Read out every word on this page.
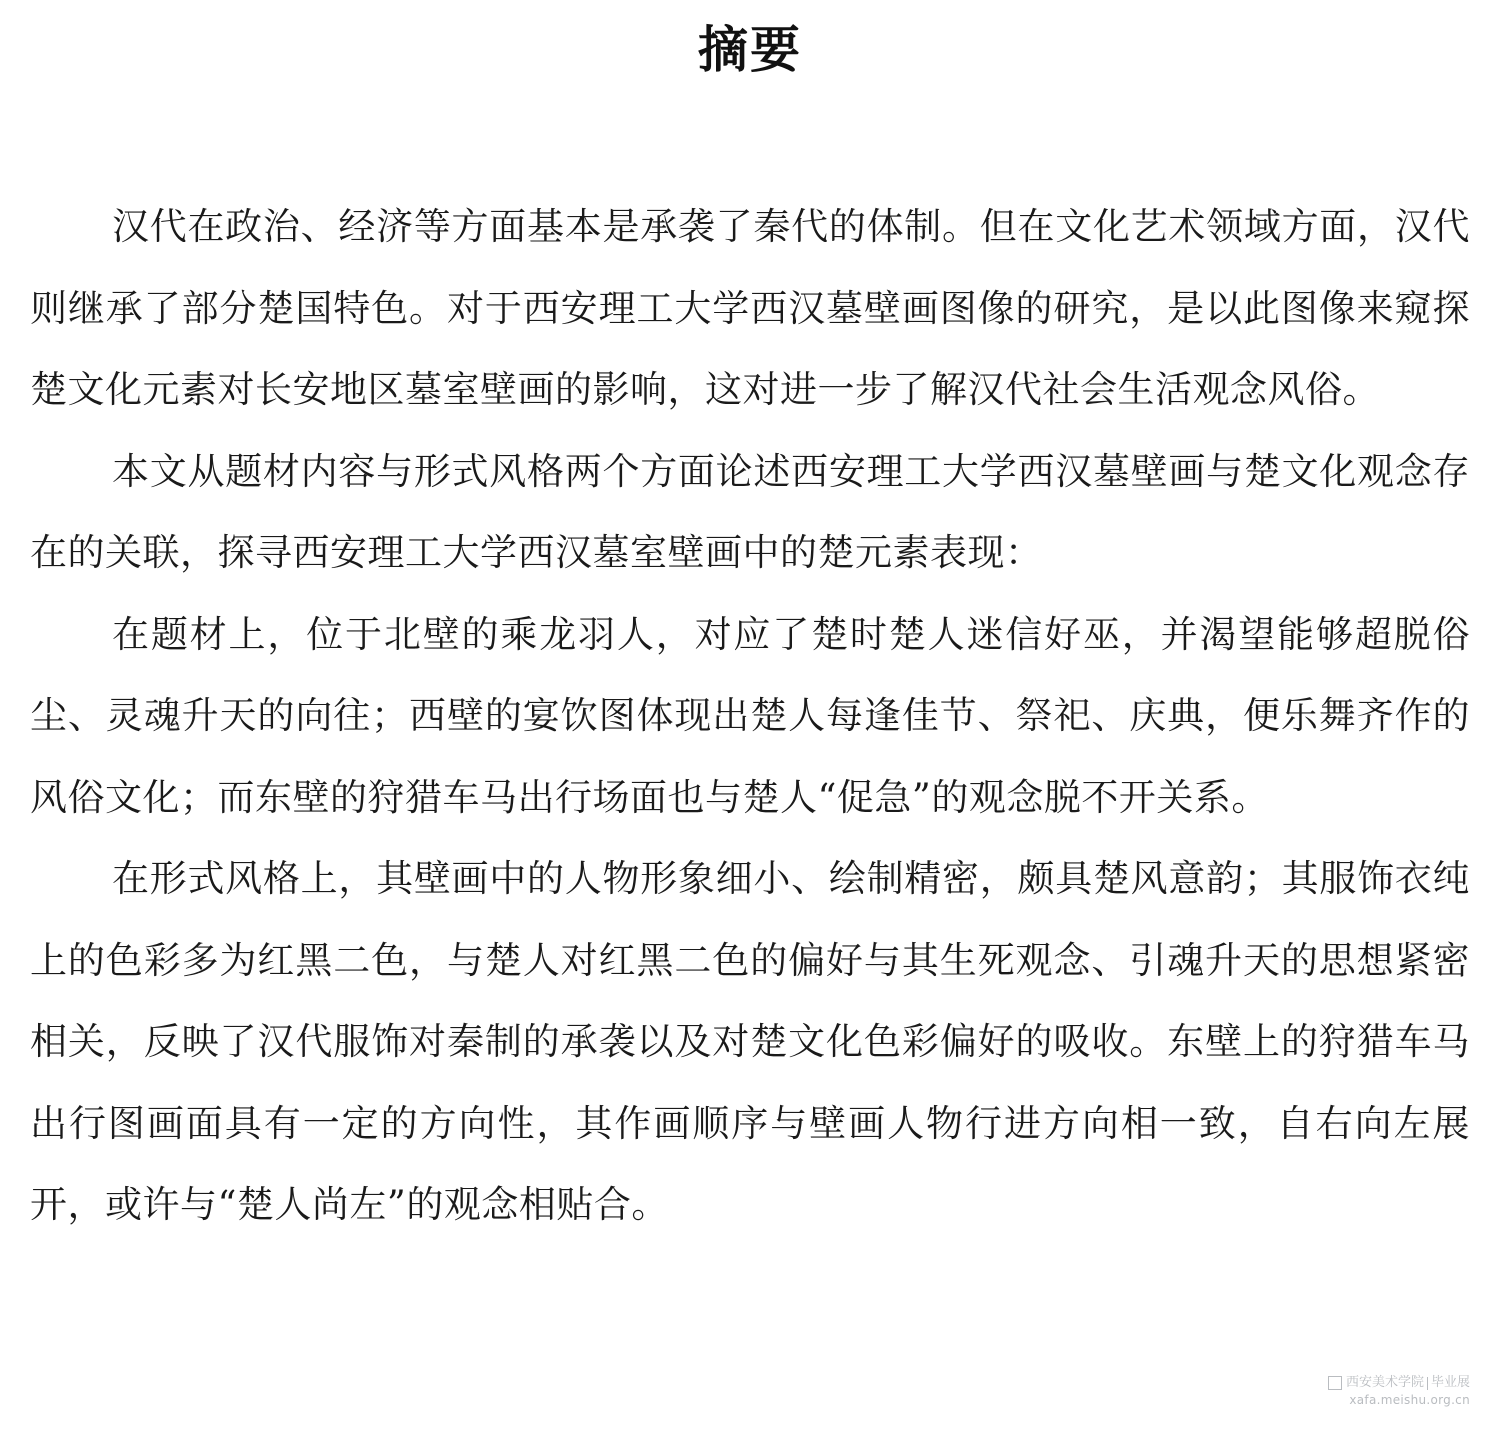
摘要

汉代在政治、经济等方面基本是承袭了秦代的体制。但在文化艺术领域方面，汉代则继承了部分楚国特色。对于西安理工大学西汉墓壁画图像的研究，是以此图像来窥探楚文化元素对长安地区墓室壁画的影响，这对进一步了解汉代社会生活观念风俗。

本文从题材内容与形式风格两个方面论述西安理工大学西汉墓壁画与楚文化观念存在的关联，探寻西安理工大学西汉墓室壁画中的楚元素表现：

在题材上，位于北壁的乘龙羽人，对应了楚时楚人迷信好巫，并渴望能够超脱俗尘、灵魂升天的向往；西壁的宴饮图体现出楚人每逢佳节、祭祀、庆典，便乐舞齐作的风俗文化；而东壁的狩猎车马出行场面也与楚人“促急”的观念脱不开关系。

在形式风格上，其壁画中的人物形象细小、绘制精密，颇具楚风意韵；其服饰衣纯上的色彩多为红黑二色，与楚人对红黑二色的偏好与其生死观念、引魂升天的思想紧密相关，反映了汉代服饰对秦制的承袭以及对楚文化色彩偏好的吸收。东壁上的狩猎车马出行图画面具有一定的方向性，其作画顺序与壁画人物行进方向相一致，自右向左展开，或许与“楚人尚左”的观念相贴合。

西安美术学院 毕业展
xafa.meishu.org.cn
